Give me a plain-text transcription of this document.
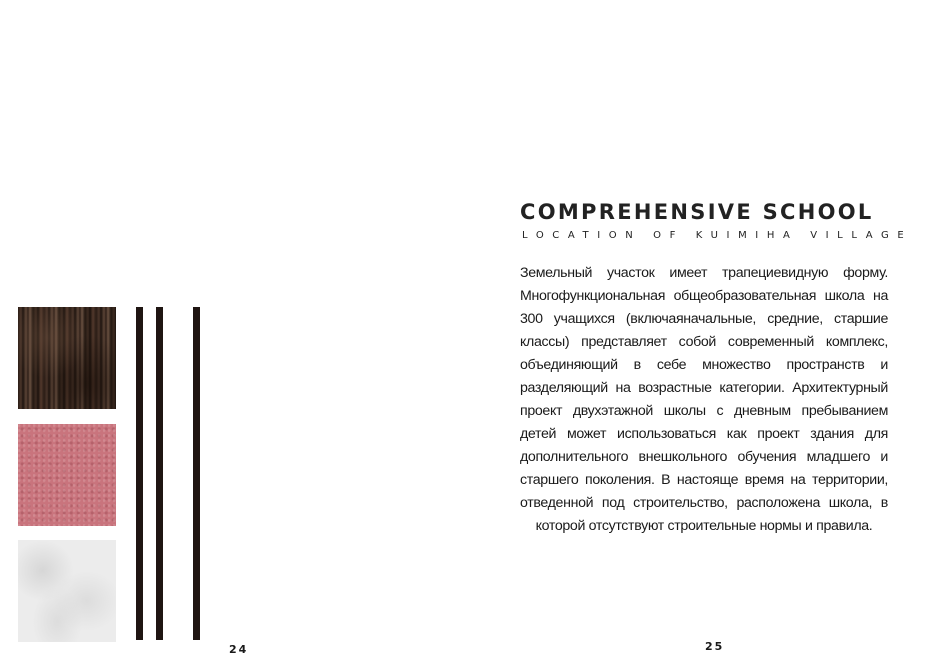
24
COMPREHENSIVE SCHOOL
LOCATION OF KUIMIHA VILLAGE
Земельный участок имеет трапециевидную форму. Многофункциональная общеобразовательная школа на 300 учащихся (включаяначальные, средние, старшие классы) представляет собой современный комплекс, объединяющий в себе множество пространств и разделяющий на возрастные категории. Архитектурный проект двухэтажной школы с дневным пребыванием детей может использоваться как проект здания для дополнительного внешкольного обучения младшего и старшего поколения. В настояще время на территории, отведенной под строительство, расположена школа, в которой отсутствуют строительные нормы и правила.
25
